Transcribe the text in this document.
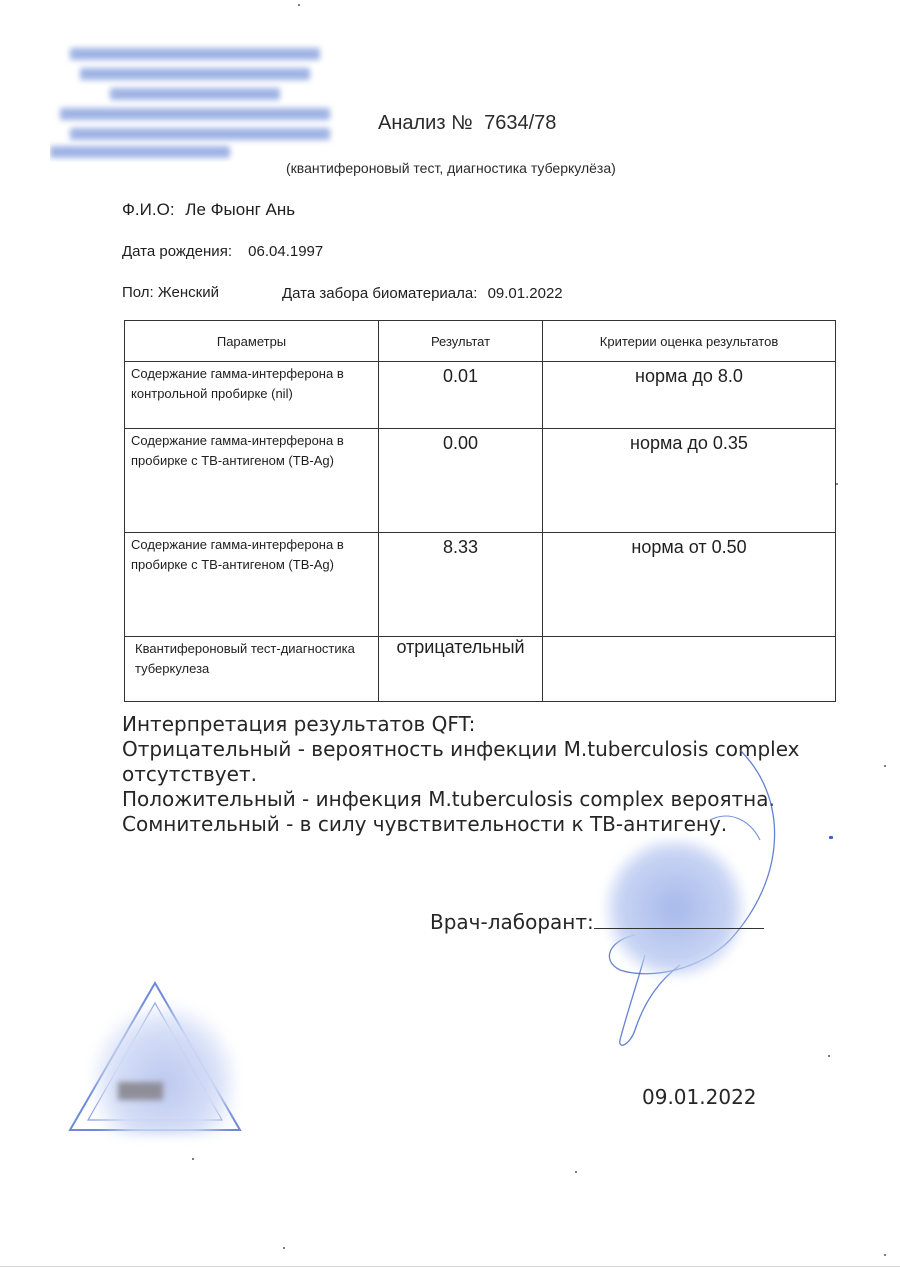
Анализ № 7634/78
(квантифероновый тест, диагностика туберкулёза)
Ф.И.О: Ле Фыонг Ань
Дата рождения: 06.04.1997
Пол: Женский	Дата забора биоматериала: 09.01.2022
Параметры	Результат	Критерии оценка результатов
Содержание гамма-интерферона в контрольной пробирке (nil)	0.01	норма до 8.0
Содержание гамма-интерферона в пробирке с ТВ-антигеном (ТВ-Ag)	0.00	норма до 0.35
Содержание гамма-интерферона в пробирке с ТВ-антигеном (ТВ-Ag)	8.33	норма от 0.50
Квантифероновый тест-диагностика туберкулеза	отрицательный	
Интерпретация результатов QFT:
Отрицательный - вероятность инфекции M.tuberculosis complex
отсутствует.
Положительный - инфекция M.tuberculosis complex вероятна.
Сомнительный - в силу чувствительности к ТВ-антигену.
Врач-лаборант:
09.01.2022
